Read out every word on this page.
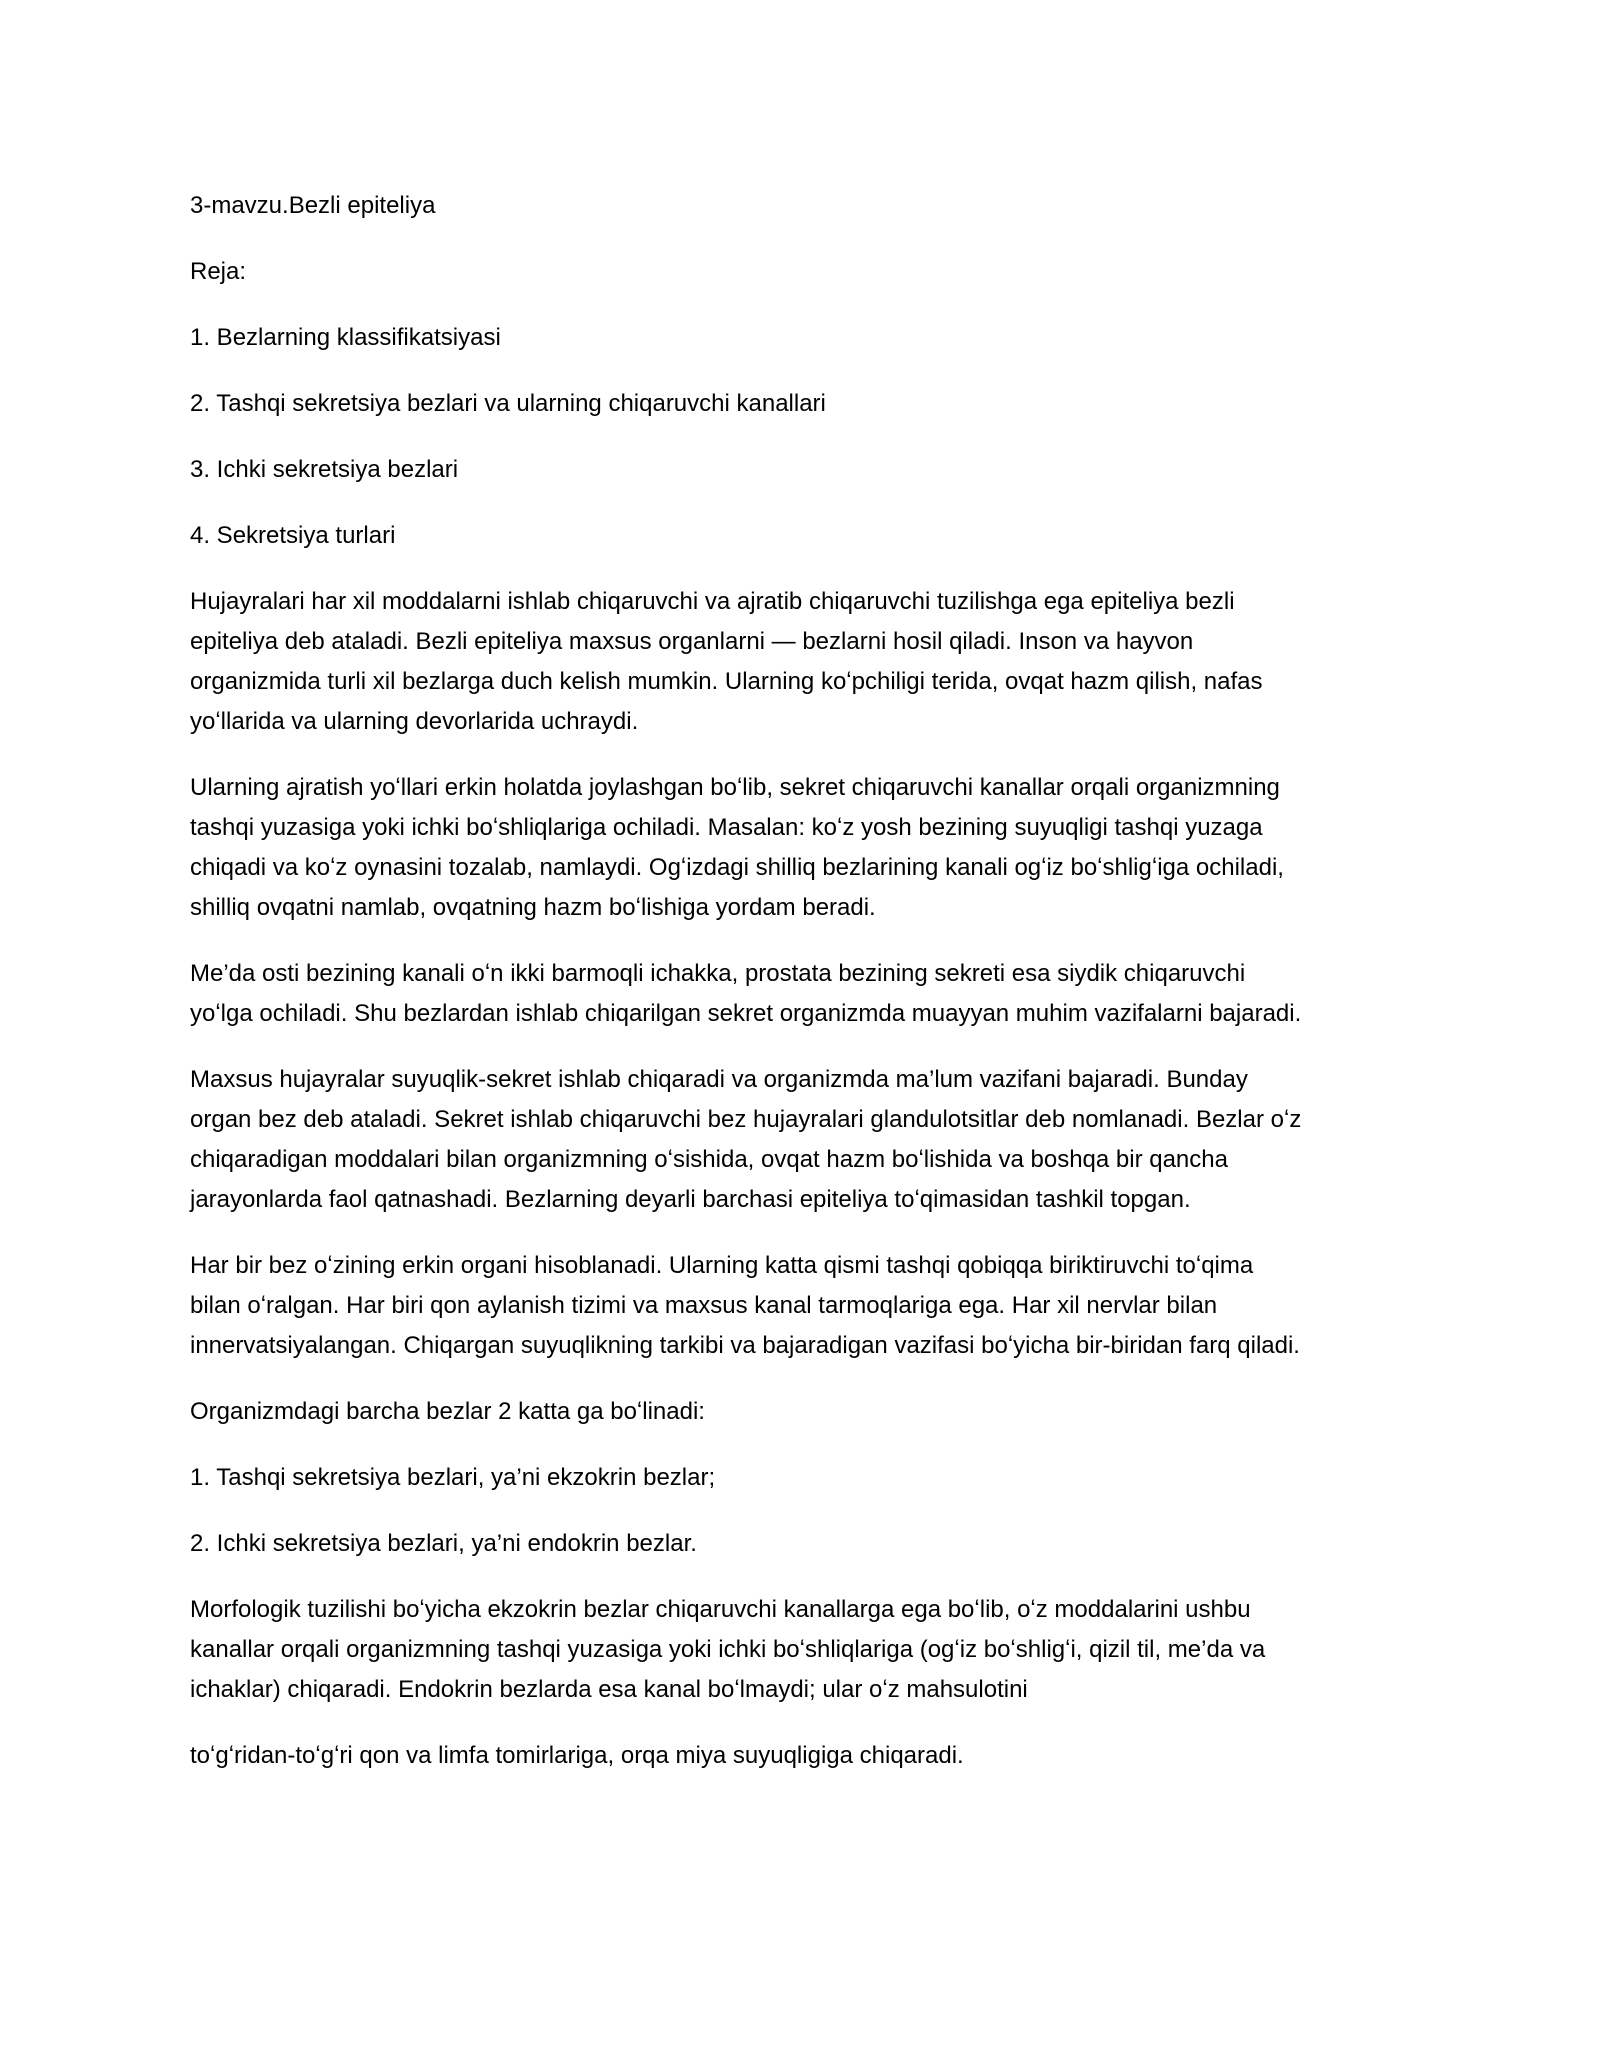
3-mavzu.Bezli epiteliya
Reja:
1. Bezlarning klassifikatsiyasi
2. Tashqi sekretsiya bezlari va ularning chiqaruvchi kanallari
3. Ichki sekretsiya bezlari
4. Sekretsiya turlari
Hujayralari har xil moddalarni ishlab chiqaruvchi va ajratib chiqaruvchi tuzilishga ega epiteliya bezli
epiteliya deb ataladi. Bezli epiteliya maxsus organlarni — bezlarni hosil qiladi. Inson va hayvon
organizmida turli xil bezlarga duch kelish mumkin. Ularning koʻpchiligi terida, ovqat hazm qilish, nafas
yoʻllarida va ularning devorlarida uchraydi.
Ularning ajratish yoʻllari erkin holatda joylashgan boʻlib, sekret chiqaruvchi kanallar orqali organizmning
tashqi yuzasiga yoki ichki boʻshliqlariga ochiladi. Masalan: koʻz yosh bezining suyuqligi tashqi yuzaga
chiqadi va koʻz oynasini tozalab, namlaydi. Ogʻizdagi shilliq bezlarining kanali ogʻiz boʻshligʻiga ochiladi,
shilliq ovqatni namlab, ovqatning hazm boʻlishiga yordam beradi.
Me’da osti bezining kanali oʻn ikki barmoqli ichakka, prostata bezining sekreti esa siydik chiqaruvchi
yoʻlga ochiladi. Shu bezlardan ishlab chiqarilgan sekret organizmda muayyan muhim vazifalarni bajaradi.
Maxsus hujayralar suyuqlik-sekret ishlab chiqaradi va organizmda ma’lum vazifani bajaradi. Bunday
organ bez deb ataladi. Sekret ishlab chiqaruvchi bez hujayralari glandulotsitlar deb nomlanadi. Bezlar oʻz
chiqaradigan moddalari bilan organizmning oʻsishida, ovqat hazm boʻlishida va boshqa bir qancha
jarayonlarda faol qatnashadi. Bezlarning deyarli barchasi epiteliya toʻqimasidan tashkil topgan.
Har bir bez oʻzining erkin organi hisoblanadi. Ularning katta qismi tashqi qobiqqa biriktiruvchi toʻqima
bilan oʻralgan. Har biri qon aylanish tizimi va maxsus kanal tarmoqlariga ega. Har xil nervlar bilan
innervatsiyalangan. Chiqargan suyuqlikning tarkibi va bajaradigan vazifasi boʻyicha bir-biridan farq qiladi.
Organizmdagi barcha bezlar 2 katta ga boʻlinadi:
1. Tashqi sekretsiya bezlari, ya’ni ekzokrin bezlar;
2. Ichki sekretsiya bezlari, ya’ni endokrin bezlar.
Morfologik tuzilishi boʻyicha ekzokrin bezlar chiqaruvchi kanallarga ega boʻlib, oʻz moddalarini ushbu
kanallar orqali organizmning tashqi yuzasiga yoki ichki boʻshliqlariga (ogʻiz boʻshligʻi, qizil til, me’da va
ichaklar) chiqaradi. Endokrin bezlarda esa kanal boʻlmaydi; ular oʻz mahsulotini
toʻgʻridan-toʻgʻri qon va limfa tomirlariga, orqa miya suyuqligiga chiqaradi.
